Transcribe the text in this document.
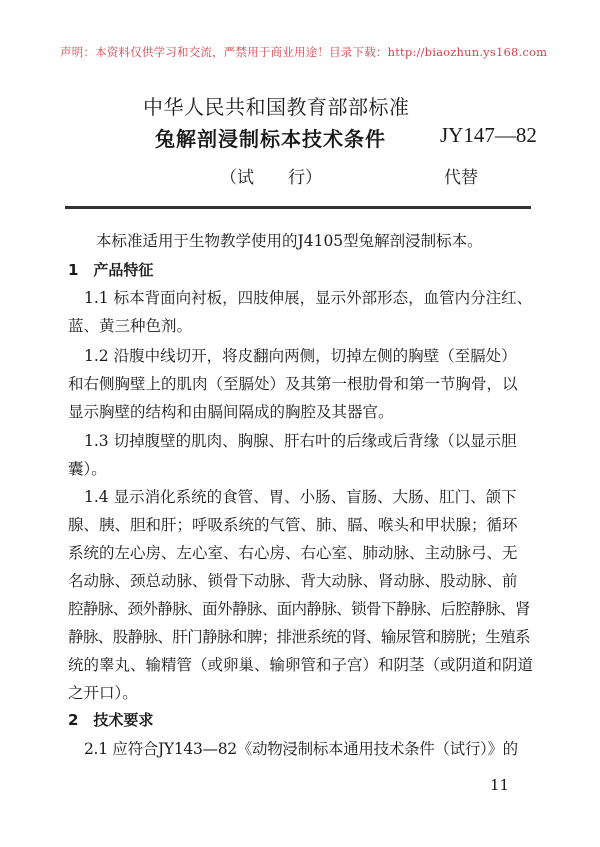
声明：本资料仅供学习和交流，严禁用于商业用途！目录下载：http://biaozhun.ys168.com
中华人民共和国教育部部标准
兔解剖浸制标本技术条件	JY147—82
（试　　行）	代替
本标准适用于生物教学使用的J4105型兔解剖浸制标本。
1　产品特征
1.1 标本背面向衬板，四肢伸展，显示外部形态，血管内分注红、
蓝、黄三种色剂。
1.2 沿腹中线切开，将皮翻向两侧，切掉左侧的胸壁（至膈处）
和右侧胸壁上的肌肉（至膈处）及其第一根肋骨和第一节胸骨，以
显示胸壁的结构和由膈间隔成的胸腔及其器官。
1.3 切掉腹壁的肌肉、胸腺、肝右叶的后缘或后背缘（以显示胆
囊）。
1.4 显示消化系统的食管、胃、小肠、盲肠、大肠、肛门、颌下
腺、胰、胆和肝；呼吸系统的气管、肺、膈、喉头和甲状腺；循环
系统的左心房、左心室、右心房、右心室、肺动脉、主动脉弓、无
名动脉、颈总动脉、锁骨下动脉、背大动脉、肾动脉、股动脉、前
腔静脉、颈外静脉、面外静脉、面内静脉、锁骨下静脉、后腔静脉、肾
静脉、股静脉、肝门静脉和脾；排泄系统的肾、输尿管和膀胱；生殖系
统的睾丸、输精管（或卵巢、输卵管和子宫）和阴茎（或阴道和阴道
之开口）。
2　技术要求
2.1 应符合JY143—82《动物浸制标本通用技术条件（试行）》的
11
